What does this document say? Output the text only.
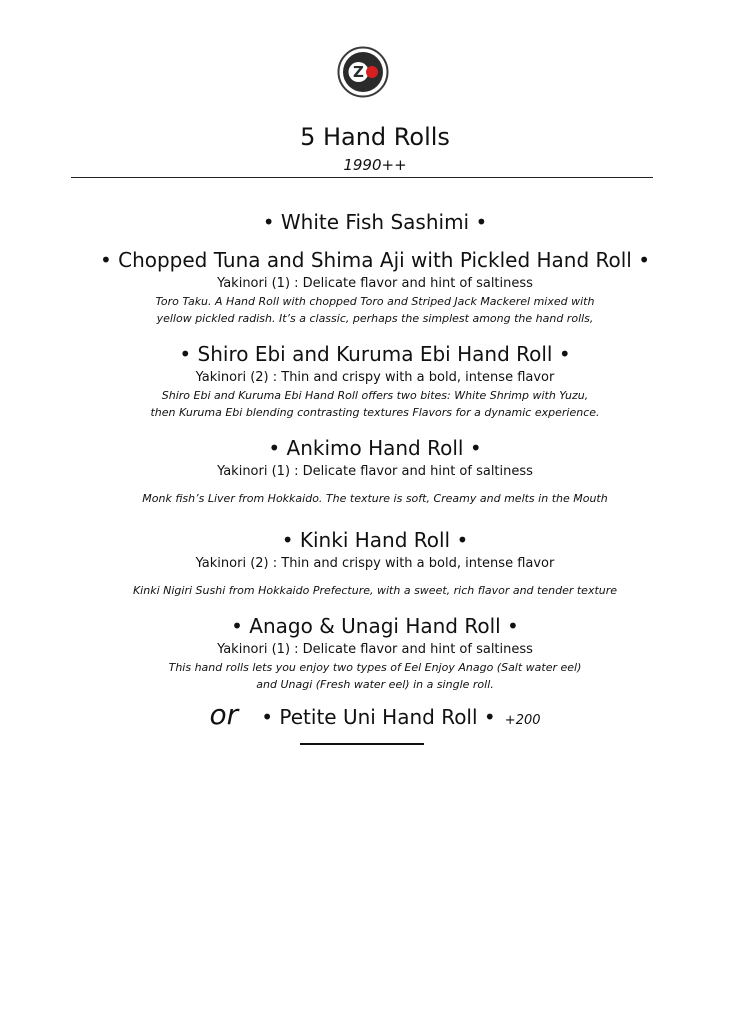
Z
5 Hand Rolls
1990++
• White Fish Sashimi •
• Chopped Tuna and Shima Aji with Pickled Hand Roll •
Yakinori (1) : Delicate flavor and hint of saltiness
Toro Taku. A Hand Roll with chopped Toro and Striped Jack Mackerel mixed with
yellow pickled radish. It’s a classic, perhaps the simplest among the hand rolls,
• Shiro Ebi and Kuruma Ebi Hand Roll •
Yakinori (2) : Thin and crispy with a bold, intense flavor
Shiro Ebi and Kuruma Ebi Hand Roll offers two bites: White Shrimp with Yuzu,
then Kuruma Ebi blending contrasting textures Flavors for a dynamic experience.
• Ankimo Hand Roll •
Yakinori (1) : Delicate flavor and hint of saltiness
Monk fish’s Liver from Hokkaido. The texture is soft, Creamy and melts in the Mouth
• Kinki Hand Roll •
Yakinori (2) : Thin and crispy with a bold, intense flavor
Kinki Nigiri Sushi from Hokkaido Prefecture, with a sweet, rich flavor and tender texture
• Anago & Unagi Hand Roll •
Yakinori (1) : Delicate flavor and hint of saltiness
This hand rolls lets you enjoy two types of Eel Enjoy Anago (Salt water eel)
and Unagi (Fresh water eel) in a single roll.
or • Petite Uni Hand Roll • +200
